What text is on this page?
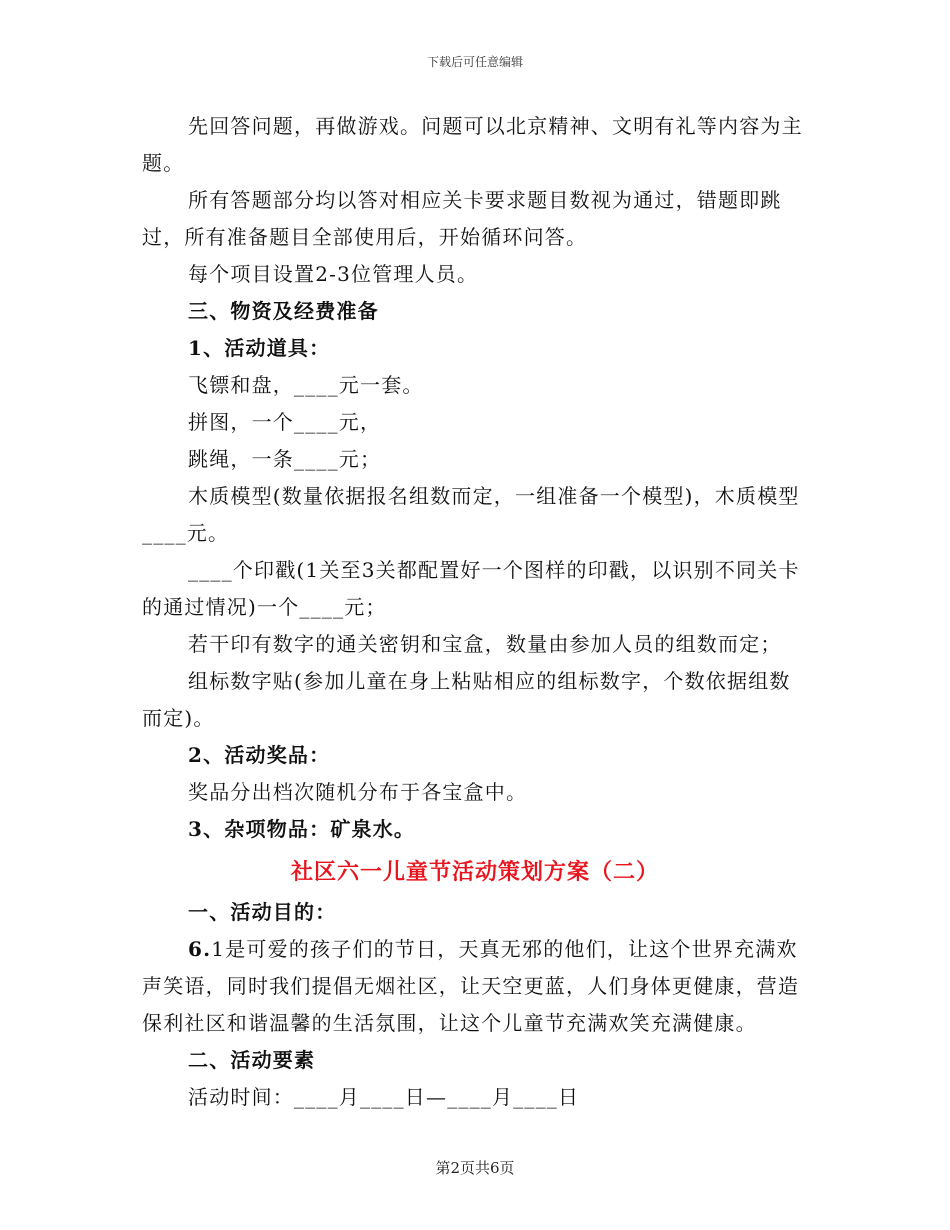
下载后可任意编辑

先回答问题，再做游戏。问题可以北京精神、文明有礼等内容为主题。

所有答题部分均以答对相应关卡要求题目数视为通过，错题即跳过，所有准备题目全部使用后，开始循环问答。

每个项目设置2-3位管理人员。

三、物资及经费准备

1、活动道具：

飞镖和盘，____元一套。

拼图，一个____元，

跳绳，一条____元；

木质模型(数量依据报名组数而定，一组准备一个模型)，木质模型____元。

____个印戳(1关至3关都配置好一个图样的印戳，以识别不同关卡的通过情况)一个____元；

若干印有数字的通关密钥和宝盒，数量由参加人员的组数而定；

组标数字贴(参加儿童在身上粘贴相应的组标数字，个数依据组数而定)。

2、活动奖品：

奖品分出档次随机分布于各宝盒中。

3、杂项物品：矿泉水。

社区六一儿童节活动策划方案（二）

一、活动目的：

6.1是可爱的孩子们的节日，天真无邪的他们，让这个世界充满欢声笑语，同时我们提倡无烟社区，让天空更蓝，人们身体更健康，营造保利社区和谐温馨的生活氛围，让这个儿童节充满欢笑充满健康。

二、活动要素

活动时间：____月____日—____月____日

第2页共6页
